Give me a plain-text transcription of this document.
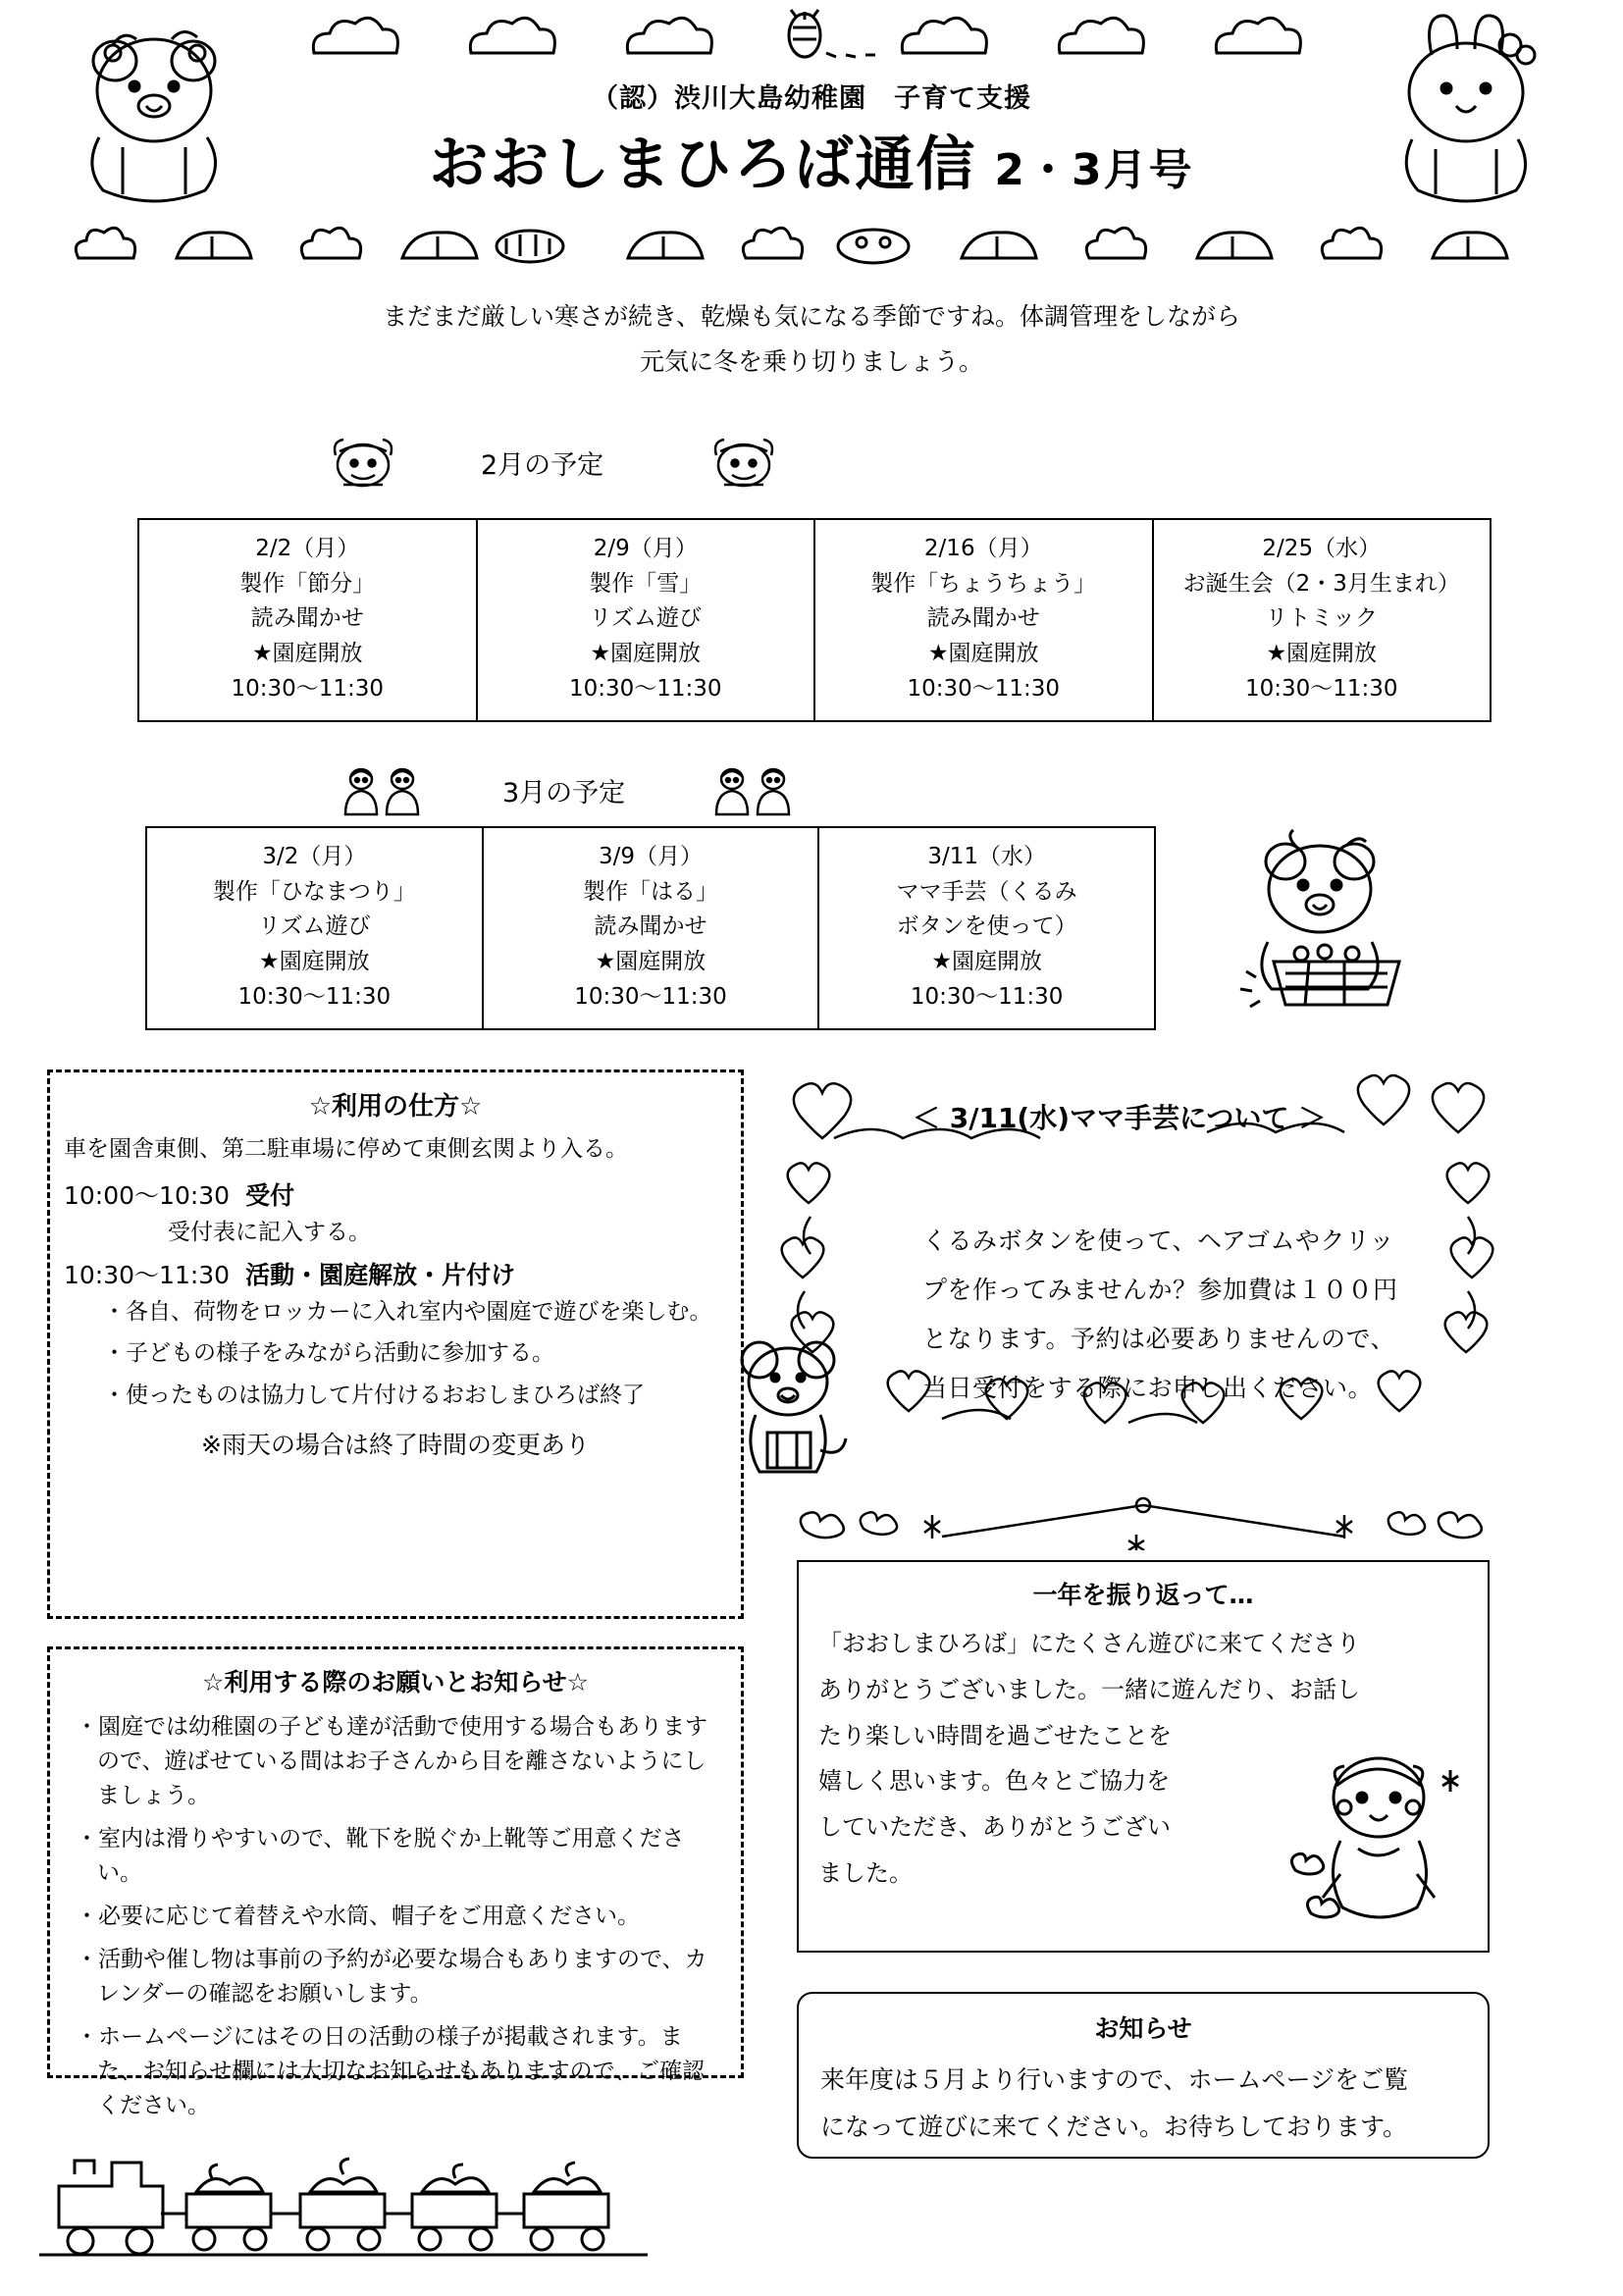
（認）渋川大島幼稚園　子育て支援
おおしまひろば通信 2・3月号
まだまだ厳しい寒さが続き、乾燥も気になる季節ですね。体調管理をしながら
元気に冬を乗り切りましょう。
2月の予定
2/2（月）
製作「節分」
読み聞かせ
★園庭開放
10:30〜11:30

2/9（月）
製作「雪」
リズム遊び
★園庭開放
10:30〜11:30

2/16（月）
製作「ちょうちょう」
読み聞かせ
★園庭開放
10:30〜11:30

2/25（水）
お誕生会（2・3月生まれ）
リトミック
★園庭開放
10:30〜11:30
3月の予定
3/2（月）
製作「ひなまつり」
リズム遊び
★園庭開放
10:30〜11:30

3/9（月）
製作「はる」
読み聞かせ
★園庭開放
10:30〜11:30

3/11（水）
ママ手芸（くるみ
ボタンを使って）
★園庭開放
10:30〜11:30
☆利用の仕方☆
車を園舎東側、第二駐車場に停めて東側玄関より入る。
10:00〜10:30 受付
受付表に記入する。
10:30〜11:30 活動・園庭解放・片付け
・ 各自、荷物をロッカーに入れ室内や園庭で遊びを楽しむ。
・ 子どもの様子をみながら活動に参加する。
・ 使ったものは協力して片付けるおおしまひろば終了
※雨天の場合は終了時間の変更あり
☆利用する際のお願いとお知らせ☆
・ 園庭では幼稚園の子ども達が活動で使用する場合もありますので、遊ばせている間はお子さんから目を離さないようにしましょう。
・ 室内は滑りやすいので、靴下を脱ぐか上靴等ご用意ください。
・ 必要に応じて着替えや水筒、帽子をご用意ください。
・ 活動や催し物は事前の予約が必要な場合もありますので、カレンダーの確認をお願いします。
・ ホームページにはその日の活動の様子が掲載されます。また、お知らせ欄には大切なお知らせもありますので、ご確認ください。
＜ 3/11(水)ママ手芸について ＞
くるみボタンを使って、ヘアゴムやクリッ
プを作ってみませんか？参加費は１００円
となります。予約は必要ありませんので、
当日受付をする際にお申し出ください。
一年を振り返って…
「おおしまひろば」にたくさん遊びに来てくださり
ありがとうございました。一緒に遊んだり、お話し
たり楽しい時間を過ごせたことを
嬉しく思います。色々とご協力を
していただき、ありがとうござい
ました。
お知らせ
来年度は５月より行いますので、ホームページをご覧
になって遊びに来てください。お待ちしております。
